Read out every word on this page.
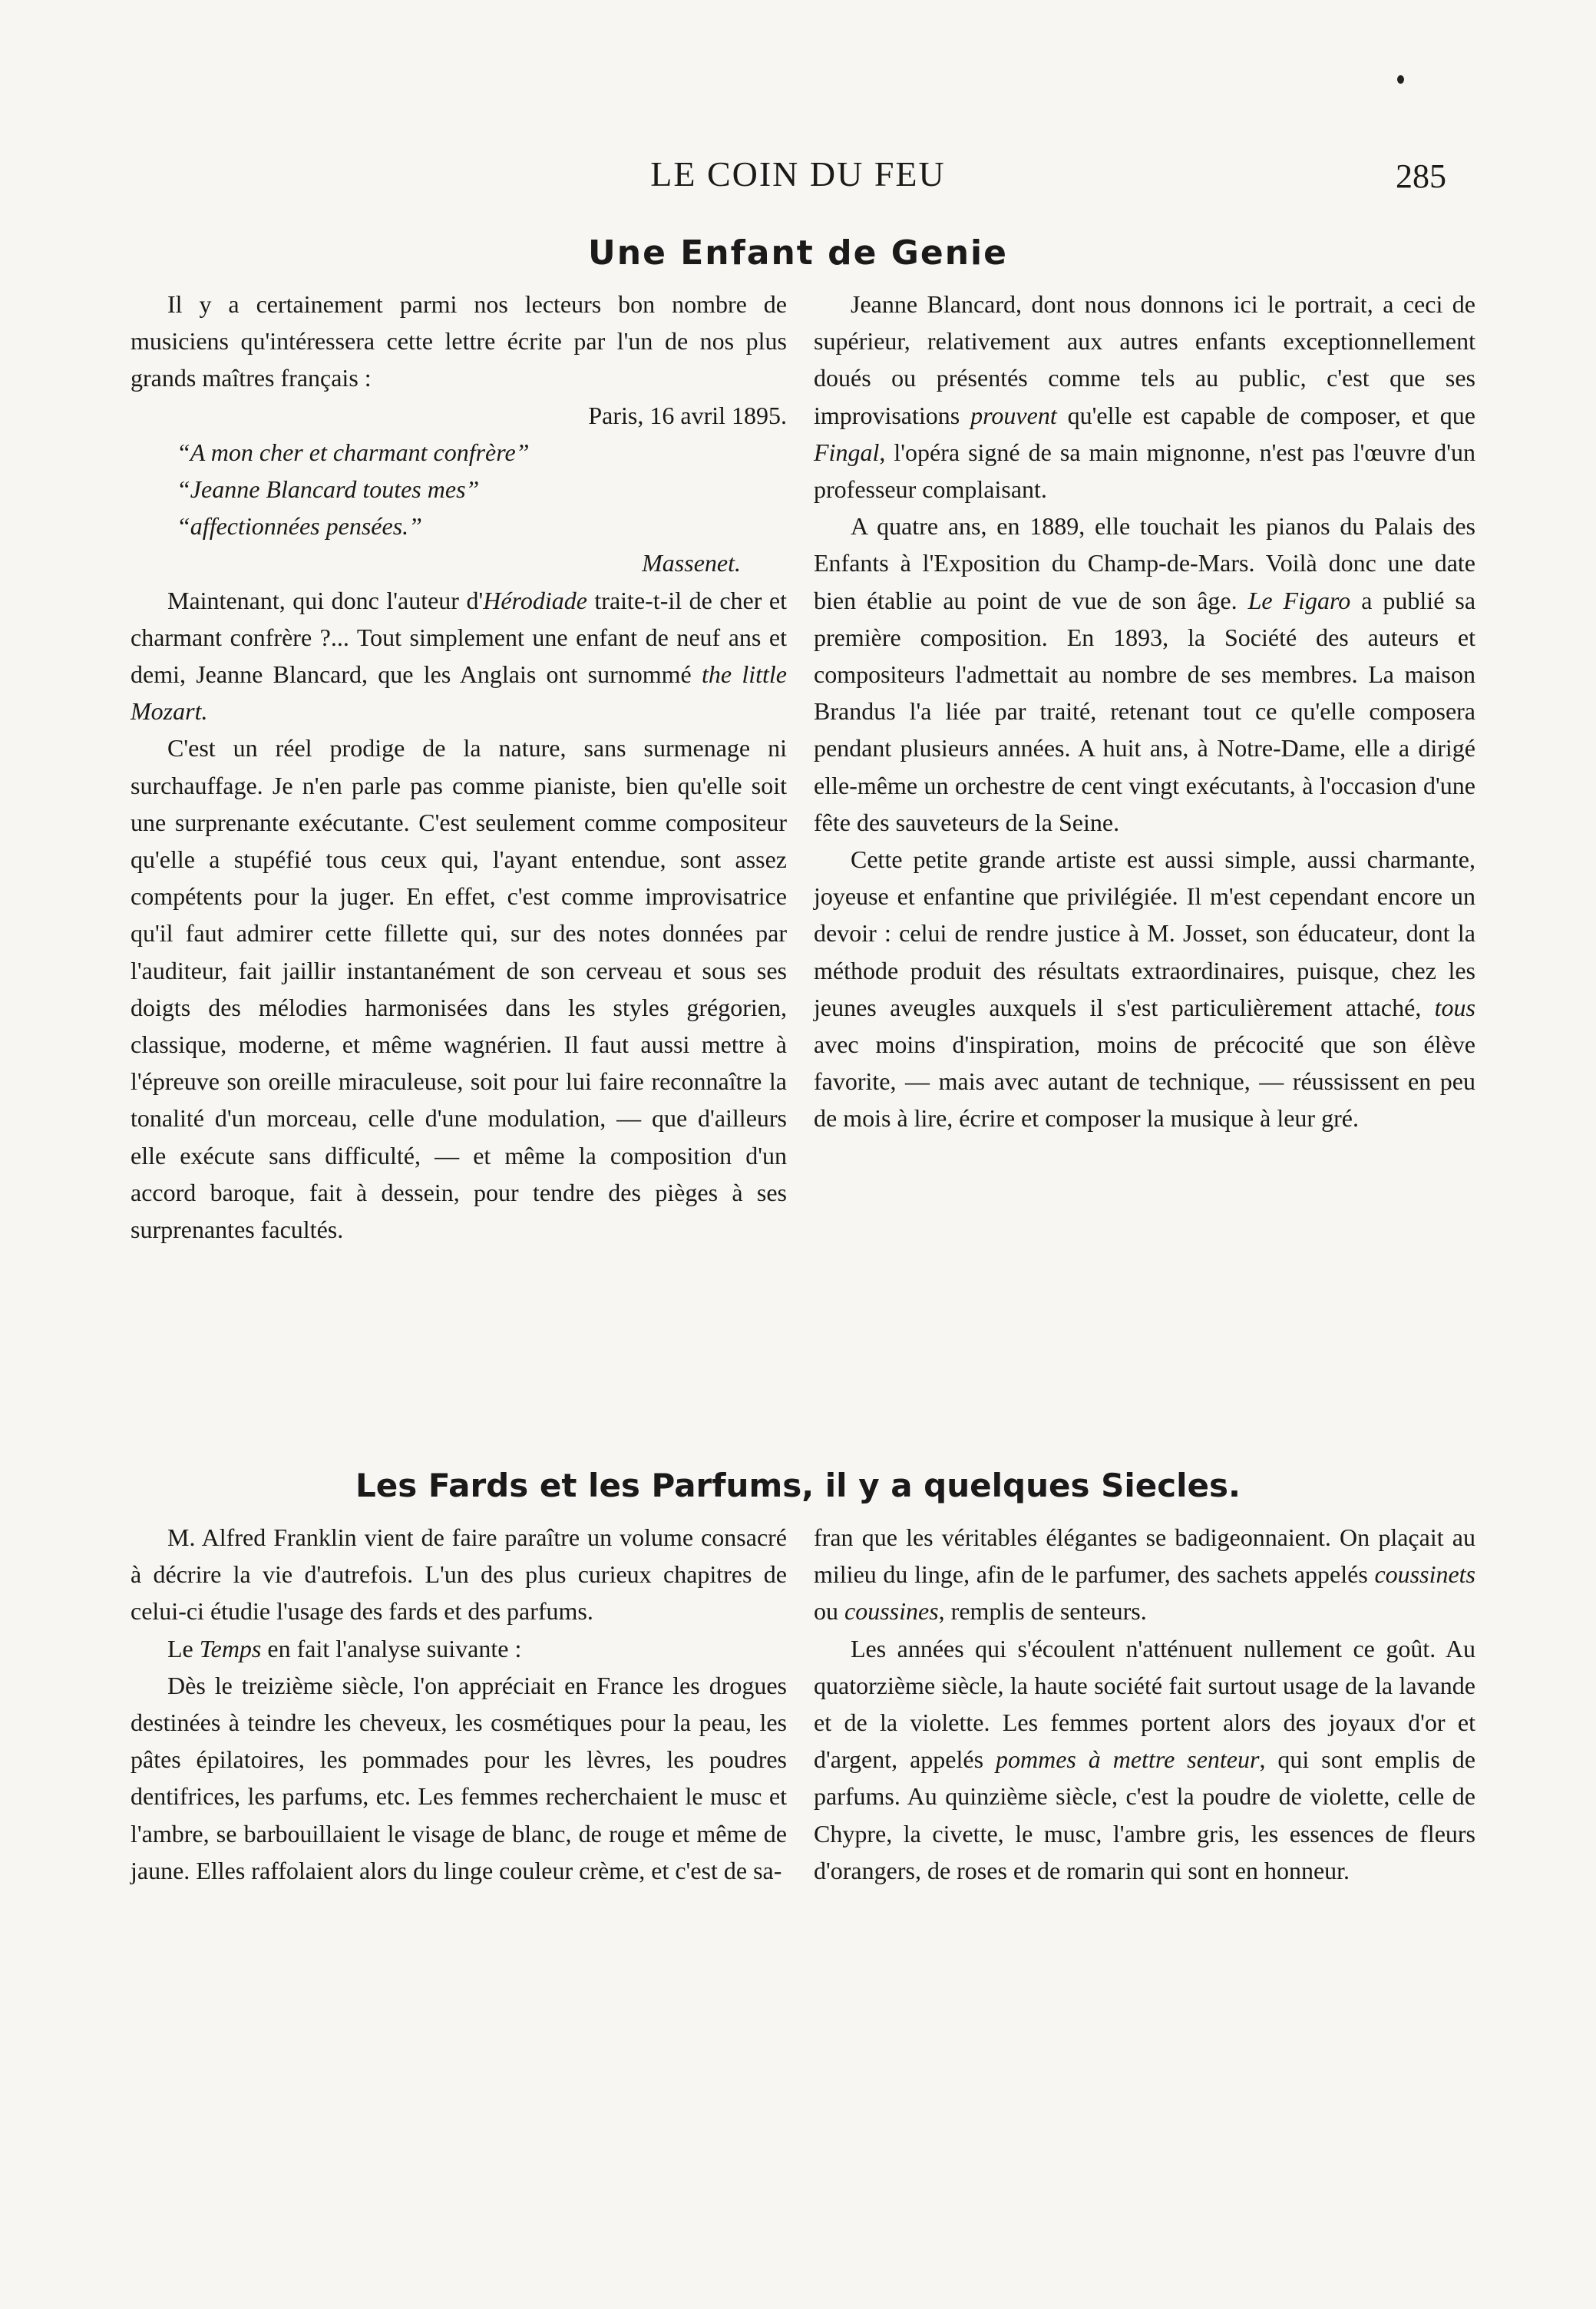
LE COIN DU FEU	285
Une Enfant de Genie

Il y a certainement parmi nos lecteurs bon nombre de musiciens qu'intéressera cette lettre écrite par l'un de nos plus grands maîtres français :

Paris, 16 avril 1895.

“A mon cher et charmant confrère”

“Jeanne Blancard toutes mes”

“affectionnées pensées.”

Massenet.

Maintenant, qui donc l'auteur d'Hérodiade traite-t-il de cher et charmant confrère ?... Tout simplement une enfant de neuf ans et demi, Jeanne Blancard, que les Anglais ont surnommé the little Mozart.

C'est un réel prodige de la nature, sans surmenage ni surchauffage. Je n'en parle pas comme pianiste, bien qu'elle soit une surprenante exécutante. C'est seulement comme compositeur qu'elle a stupéfié tous ceux qui, l'ayant entendue, sont assez compétents pour la juger. En effet, c'est comme improvisatrice qu'il faut admirer cette fillette qui, sur des notes données par l'auditeur, fait jaillir instantanément de son cerveau et sous ses doigts des mélodies harmonisées dans les styles grégorien, classique, moderne, et même wagnérien. Il faut aussi mettre à l'épreuve son oreille miraculeuse, soit pour lui faire reconnaître la tonalité d'un morceau, celle d'une modulation, — que d'ailleurs elle exécute sans difficulté, — et même la composition d'un accord baroque, fait à dessein, pour tendre des pièges à ses surprenantes facultés.

Jeanne Blancard, dont nous donnons ici le portrait, a ceci de supérieur, relativement aux autres enfants exceptionnellement doués ou présentés comme tels au public, c'est que ses improvisations prouvent qu'elle est capable de composer, et que Fingal, l'opéra signé de sa main mignonne, n'est pas l'œuvre d'un professeur complaisant.

A quatre ans, en 1889, elle touchait les pianos du Palais des Enfants à l'Exposition du Champ-de-Mars. Voilà donc une date bien établie au point de vue de son âge. Le Figaro a publié sa première composition. En 1893, la Société des auteurs et compositeurs l'admettait au nombre de ses membres. La maison Brandus l'a liée par traité, retenant tout ce qu'elle composera pendant plusieurs années. A huit ans, à Notre-Dame, elle a dirigé elle-même un orchestre de cent vingt exécutants, à l'occasion d'une fête des sauveteurs de la Seine.

Cette petite grande artiste est aussi simple, aussi charmante, joyeuse et enfantine que privilégiée. Il m'est cependant encore un devoir : celui de rendre justice à M. Josset, son éducateur, dont la méthode produit des résultats extraordinaires, puisque, chez les jeunes aveugles auxquels il s'est particulièrement attaché, tous avec moins d'inspiration, moins de précocité que son élève favorite, — mais avec autant de technique, — réussissent en peu de mois à lire, écrire et composer la musique à leur gré.

Les Fards et les Parfums, il y a quelques Siecles.

M. Alfred Franklin vient de faire paraître un volume consacré à décrire la vie d'autrefois. L'un des plus curieux chapitres de celui-ci étudie l'usage des fards et des parfums.

Le Temps en fait l'analyse suivante :

Dès le treizième siècle, l'on appréciait en France les drogues destinées à teindre les cheveux, les cosmétiques pour la peau, les pâtes épilatoires, les pommades pour les lèvres, les poudres dentifrices, les parfums, etc. Les femmes recherchaient le musc et l'ambre, se barbouillaient le visage de blanc, de rouge et même de jaune. Elles raffolaient alors du linge couleur crème, et c'est de sa-

fran que les véritables élégantes se badigeonnaient. On plaçait au milieu du linge, afin de le parfumer, des sachets appelés coussinets ou coussines, remplis de senteurs.

Les années qui s'écoulent n'atténuent nullement ce goût. Au quatorzième siècle, la haute société fait surtout usage de la lavande et de la violette. Les femmes portent alors des joyaux d'or et d'argent, appelés pommes à mettre senteur, qui sont emplis de parfums. Au quinzième siècle, c'est la poudre de violette, celle de Chypre, la civette, le musc, l'ambre gris, les essences de fleurs d'orangers, de roses et de romarin qui sont en honneur.
